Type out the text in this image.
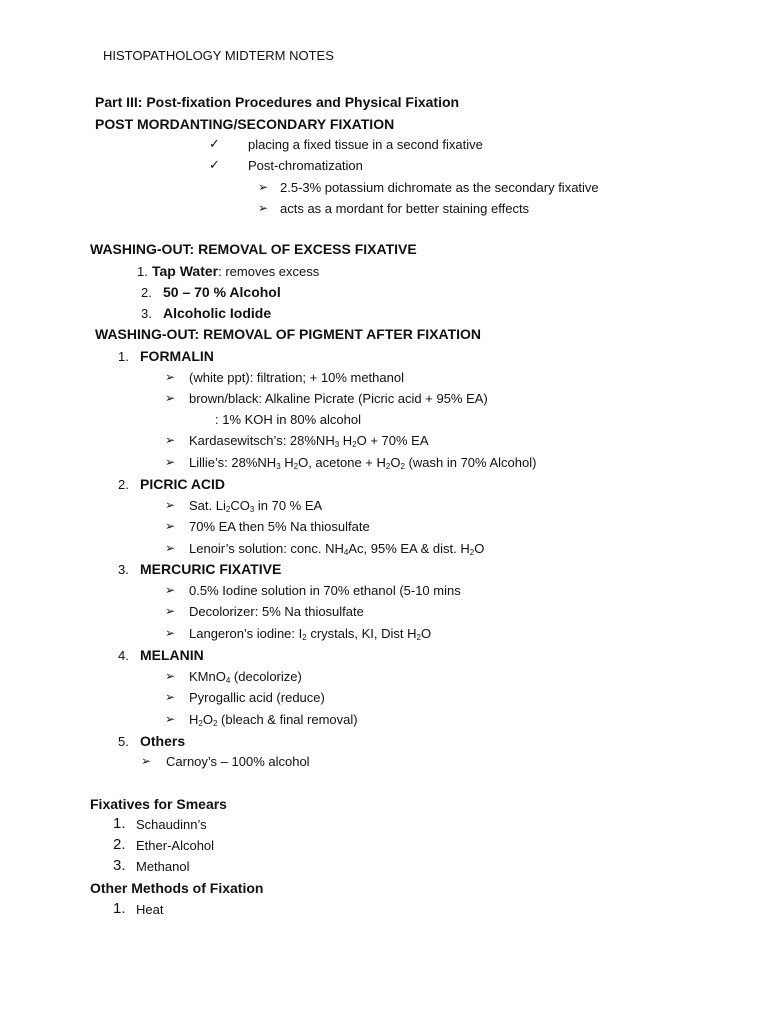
HISTOPATHOLOGY MIDTERM NOTES
Part III: Post-fixation Procedures and Physical Fixation
POST MORDANTING/SECONDARY FIXATION
✓ placing a fixed tissue in a second fixative
✓ Post-chromatization
➢ 2.5-3% potassium dichromate as the secondary fixative
➢ acts as a mordant for better staining effects
WASHING-OUT: REMOVAL OF EXCESS FIXATIVE
1. Tap Water: removes excess
2. 50 – 70 % Alcohol
3. Alcoholic Iodide
WASHING-OUT: REMOVAL OF PIGMENT AFTER FIXATION
1. FORMALIN
➢ (white ppt): filtration; + 10% methanol
➢ brown/black: Alkaline Picrate (Picric acid + 95% EA)
: 1% KOH in 80% alcohol
➢ Kardasewitsch’s: $28\%NH_3$ $H_2O + 70\%$ EA
➢ Lillie’s: $28\%NH_3$ $H_2O$, acetone + $H_2O_2$ (wash in 70% Alcohol)
2. PICRIC ACID
➢ Sat. $Li_2CO_3$ in 70 % EA
➢ 70% EA then 5% Na thiosulfate
➢ Lenoir’s solution: conc. $NH_4Ac$, 95% EA & dist. $H_2O$
3. MERCURIC FIXATIVE
➢ 0.5% Iodine solution in 70% ethanol (5-10 mins
➢ Decolorizer: 5% Na thiosulfate
➢ Langeron’s iodine: $I_2$ crystals, KI, Dist $H_2O$
4. MELANIN
➢ KMnO$_4$ (decolorize)
➢ Pyrogallic acid (reduce)
➢ $H_2O_2$ (bleach & final removal)
5. Others
➢ Carnoy’s – 100% alcohol
Fixatives for Smears
1. Schaudinn’s
2. Ether-Alcohol
3. Methanol
Other Methods of Fixation
1. Heat
